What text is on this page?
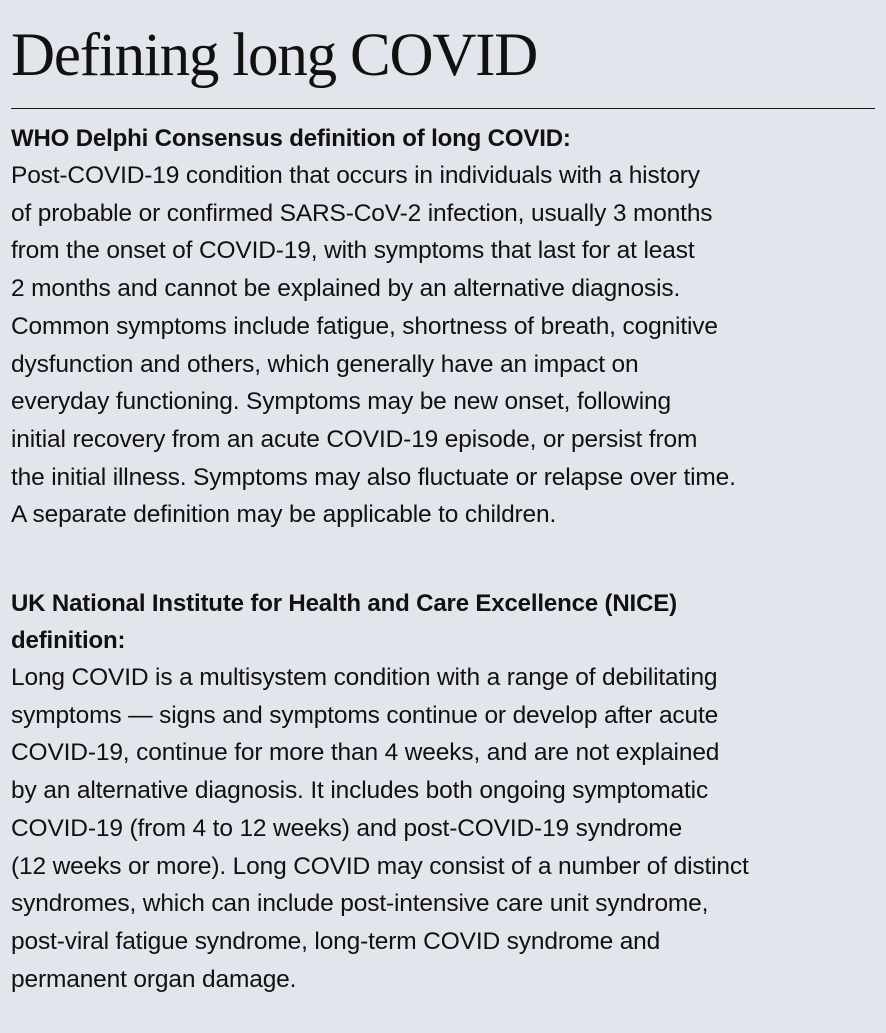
Defining long COVID
WHO Delphi Consensus definition of long COVID:

Post-COVID-19 condition that occurs in individuals with a history
of probable or confirmed SARS-CoV-2 infection, usually 3 months
from the onset of COVID-19, with symptoms that last for at least
2 months and cannot be explained by an alternative diagnosis.
Common symptoms include fatigue, shortness of breath, cognitive
dysfunction and others, which generally have an impact on
everyday functioning. Symptoms may be new onset, following
initial recovery from an acute COVID-19 episode, or persist from
the initial illness. Symptoms may also fluctuate or relapse over time.
A separate definition may be applicable to children.

UK National Institute for Health and Care Excellence (NICE)
definition:

Long COVID is a multisystem condition with a range of debilitating
symptoms — signs and symptoms continue or develop after acute
COVID-19, continue for more than 4 weeks, and are not explained
by an alternative diagnosis. It includes both ongoing symptomatic
COVID-19 (from 4 to 12 weeks) and post-COVID-19 syndrome
(12 weeks or more). Long COVID may consist of a number of distinct
syndromes, which can include post-intensive care unit syndrome,
post-viral fatigue syndrome, long-term COVID syndrome and
permanent organ damage.
